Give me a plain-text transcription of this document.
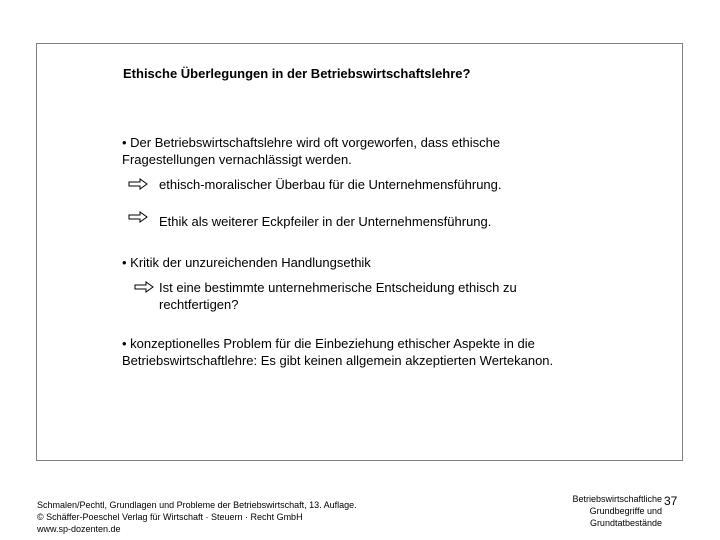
Ethische Überlegungen in der Betriebswirtschaftslehre?
• Der Betriebswirtschaftslehre wird oft vorgeworfen, dass ethische
Fragestellungen vernachlässigt werden.
ethisch-moralischer Überbau für die Unternehmensführung.
Ethik als weiterer Eckpfeiler in der Unternehmensführung.
• Kritik der unzureichenden Handlungsethik
Ist eine bestimmte unternehmerische Entscheidung ethisch zu
rechtfertigen?
• konzeptionelles Problem für die Einbeziehung ethischer Aspekte in die
Betriebswirtschaftlehre: Es gibt keinen allgemein akzeptierten Wertekanon.
Schmalen/Pechtl, Grundlagen und Probleme der Betriebswirtschaft, 13. Auflage.
© Schäffer-Poeschel Verlag für Wirtschaft · Steuern · Recht GmbH
www.sp-dozenten.de
Betriebswirtschaftliche
Grundbegriffe und
Grundtatbestände
37
